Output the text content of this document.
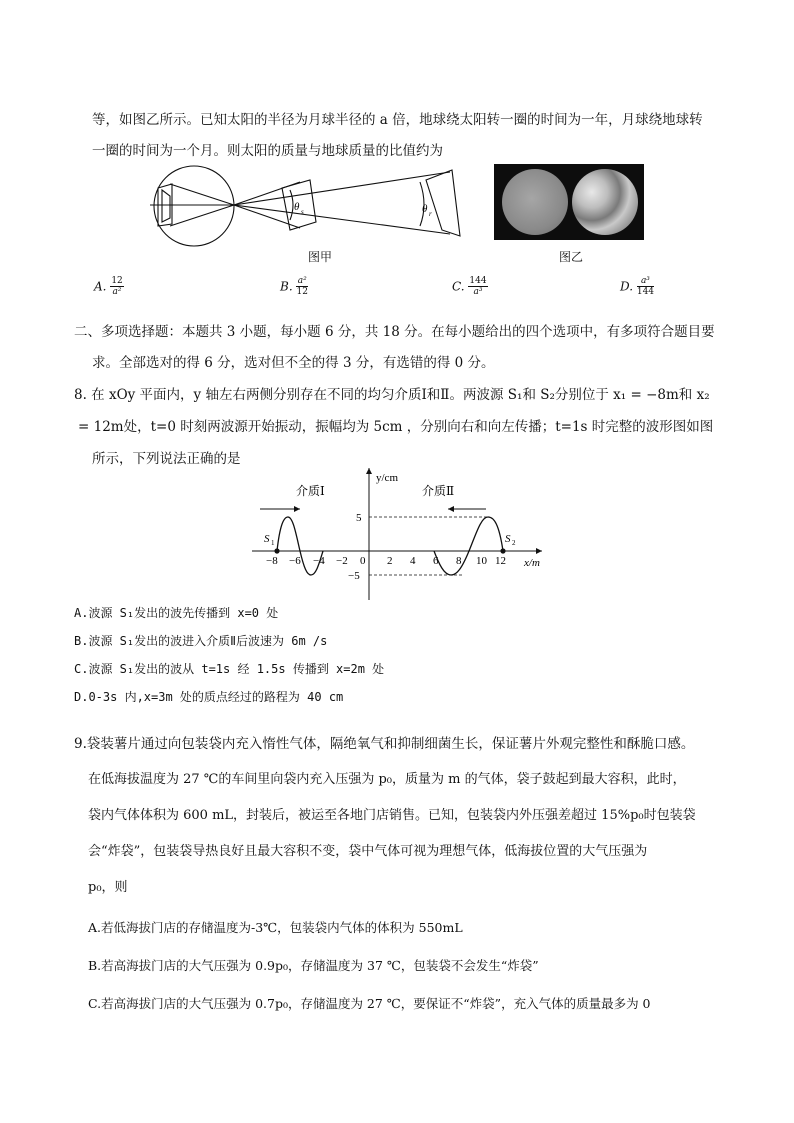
等，如图乙所示。已知太阳的半径为月球半径的 a 倍，地球绕太阳转一圈的时间为一年，月球绕地球转
一圈的时间为一个月。则太阳的质量与地球质量的比值约为
θ s	θ r
图甲	图乙
A. $\frac{12}{\text{a²}}$	B. $\frac{\text{a²}}{12}$	C. $\frac{144}{\text{a³}}$	D. $\frac{\text{a³}}{144}$
二、多项选择题：本题共 3 小题，每小题 6 分，共 18 分。在每小题给出的四个选项中，有多项符合题目要
求。全部选对的得 6 分，选对但不全的得 3 分，有选错的得 0 分。
8. 在 xOy 平面内，y 轴左右两侧分别存在不同的均匀介质Ⅰ和Ⅱ。两波源 S₁和 S₂分别位于 x₁ = −8m和 x₂
= 12m处，t=0 时刻两波源开始振动，振幅均为 5cm ，分别向右和向左传播；t=1s 时完整的波形图如图
所示，下列说法正确的是
y/cm
x/m
介质Ⅰ	介质Ⅱ
S 1	S 2
5
−5
0
−8 −6 −4 −2	2 4 6 8 10 12
A.波源 S₁发出的波先传播到 x=0 处
B.波源 S₁发出的波进入介质Ⅱ后波速为 6m /s
C.波源 S₁发出的波从 t=1s 经 1.5s 传播到 x=2m 处
D.0-3s 内,x=3m 处的质点经过的路程为 40 cm
9.袋装薯片通过向包装袋内充入惰性气体，隔绝氧气和抑制细菌生长，保证薯片外观完整性和酥脆口感。
在低海拔温度为 27 ℃的车间里向袋内充入压强为 p₀，质量为 m 的气体，袋子鼓起到最大容积，此时，
袋内气体体积为 600 mL，封装后，被运至各地门店销售。已知，包装袋内外压强差超过 15%p₀时包装袋
会“炸袋”，包装袋导热良好且最大容积不变，袋中气体可视为理想气体，低海拔位置的大气压强为
p₀，则
A.若低海拔门店的存储温度为-3℃，包装袋内气体的体积为 550mL
B.若高海拔门店的大气压强为 0.9p₀，存储温度为 37 ℃，包装袋不会发生“炸袋”
C.若高海拔门店的大气压强为 0.7p₀，存储温度为 27 ℃，要保证不“炸袋”，充入气体的质量最多为 0
